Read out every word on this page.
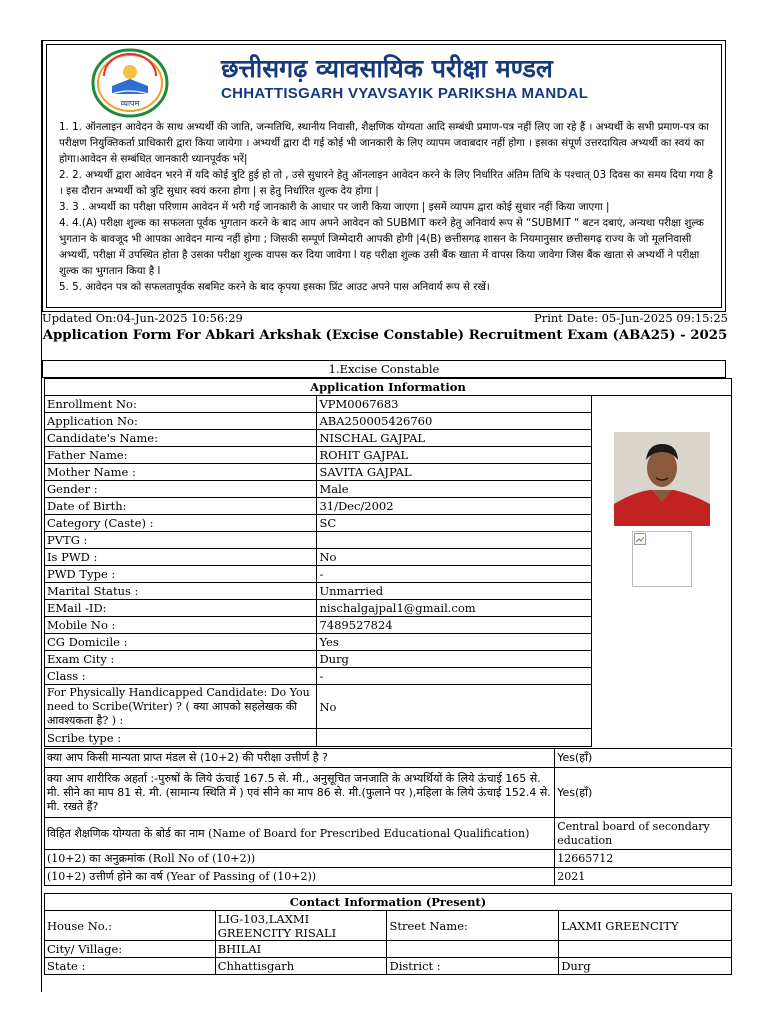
व्यापम
छत्तीसगढ़ व्यावसायिक परीक्षा मण्डल
CHHATTISGARH VYAVSAYIK PARIKSHA MANDAL
1. 1. ऑनलाइन आवेदन के साथ अभ्यर्थी की जाति, जन्मतिथि, स्थानीय निवासी, शैक्षणिक योग्यता आदि सम्बंधी प्रमाण-पत्र नहीं लिए जा रहे हैं । अभ्यर्थी के सभी प्रमाण-पत्र का परीक्षण नियुक्तिकर्ता प्राधिकारी द्वारा किया जायेगा । अभ्यर्थी द्वारा दी गई कोई भी जानकारी के लिए व्यापम जवाबदार नहीं होगा । इसका संपूर्ण उत्तरदायित्व अभ्यर्थी का स्वयं का होगा।आवेदन से सम्बंधित जानकारी ध्यानपूर्वक भरें|
2. 2. अभ्यर्थी द्वारा आवेदन भरने में यदि कोई त्रुटि हुई हो तो , उसे सुधारने हेतु ऑनलाइन आवेदन करने के लिए निर्धारित अंतिम तिथि के पश्चात् 03 दिवस का समय दिया गया है । इस दौरान अभ्यर्थी को त्रुटि सुधार स्वयं करना होगा | स हेतु निर्धारित शुल्क देय होगा |
3. 3 . अभ्यर्थी का परीक्षा परिणाम आवेदन में भरी गई जानकारी के आधार पर जारी किया जाएगा | इसमें व्यापम द्वारा कोई सुधार नहीं किया जाएगा |
4. 4.(A) परीक्षा शुल्क का सफलता पूर्वक भुगतान करने के बाद आप अपने आवेदन को SUBMIT करने हेतु अनिवार्य रूप से “SUBMIT “ बटन दबाएं, अन्यथा परीक्षा शुल्क भुगतान के बावजूद भी आपका आवेदन मान्य नहीं होगा ; जिसकी सम्पूर्ण जिम्मेदारी आपकी होगी |4(B) छत्तीसगढ़ शासन के नियमानुसार छत्तीसगढ़ राज्य के जो मूलनिवासी अभ्यर्थी, परीक्षा में उपस्थित होता है उसका परीक्षा शुल्क वापस कर दिया जावेगा l यह परीक्षा शुल्क उसी बैंक खाता में वापस किया जावेगा जिस बैंक खाता से अभ्यर्थी ने परीक्षा शुल्क का भुगतान किया है l
5. 5. आवेदन पत्र को सफलतापूर्वक सबमिट करने के बाद कृपया इसका प्रिंट आउट अपने पास अनिवार्य रूप से रखें।
Updated On:04-Jun-2025 10:56:29	Print Date: 05-Jun-2025 09:15:25
Application Form For Abkari Arkshak (Excise Constable) Recruitment Exam (ABA25) - 2025
1.Excise Constable
Application Information		
Enrollment No:	VPM0067683	

Application No:	ABA250005426760	
Candidate's Name:	NISCHAL GAJPAL	
Father Name:	ROHIT GAJPAL	
Mother Name :	SAVITA GAJPAL	
Gender :	Male	
Date of Birth:	31/Dec/2002	
Category (Caste) :	SC	
PVTG :		
Is PWD :	No	
PWD Type :	-	
Marital Status :	Unmarried	
EMail -ID:	nischalgajpal1@gmail.com	
Mobile No :	7489527824	
CG Domicile :	Yes	
Exam City :	Durg	
Class :	-	
For Physically Handicapped Candidate: Do You need to Scribe(Writer) ? ( क्या आपको सहलेखक की आवश्यकता है? ) :	No	
Scribe type :		
क्या आप किसी मान्यता प्राप्त मंडल से (10+2) की परीक्षा उत्तीर्ण है ?	Yes(हाँ)
क्या आप शारीरिक अहर्ता :-पुरुषों के लिये ऊंचाई 167.5 से. मी., अनुसूचित जनजाति के अभ्यर्थियों के लिये ऊंचाई 165 से. मी. सीने का माप 81 से. मी. (सामान्य स्थिति में ) एवं सीने का माप 86 से. मी.(फुलाने पर ),महिला के लिये ऊंचाई 152.4 से. मी. रखते हैं?	Yes(हाँ)
विहित शैक्षणिक योग्यता के बोर्ड का नाम (Name of Board for Prescribed Educational Qualification)	Central board of secondary education
(10+2) का अनुक्रमांक (Roll No of (10+2))	12665712
(10+2) उत्तीर्ण होने का वर्ष (Year of Passing of (10+2))	2021
Contact Information (Present)			
House No.:	LIG-103,LAXMI GREENCITY RISALI	Street Name:	LAXMI GREENCITY
City/ Village:	BHILAI		
State :	Chhattisgarh	District :	Durg
